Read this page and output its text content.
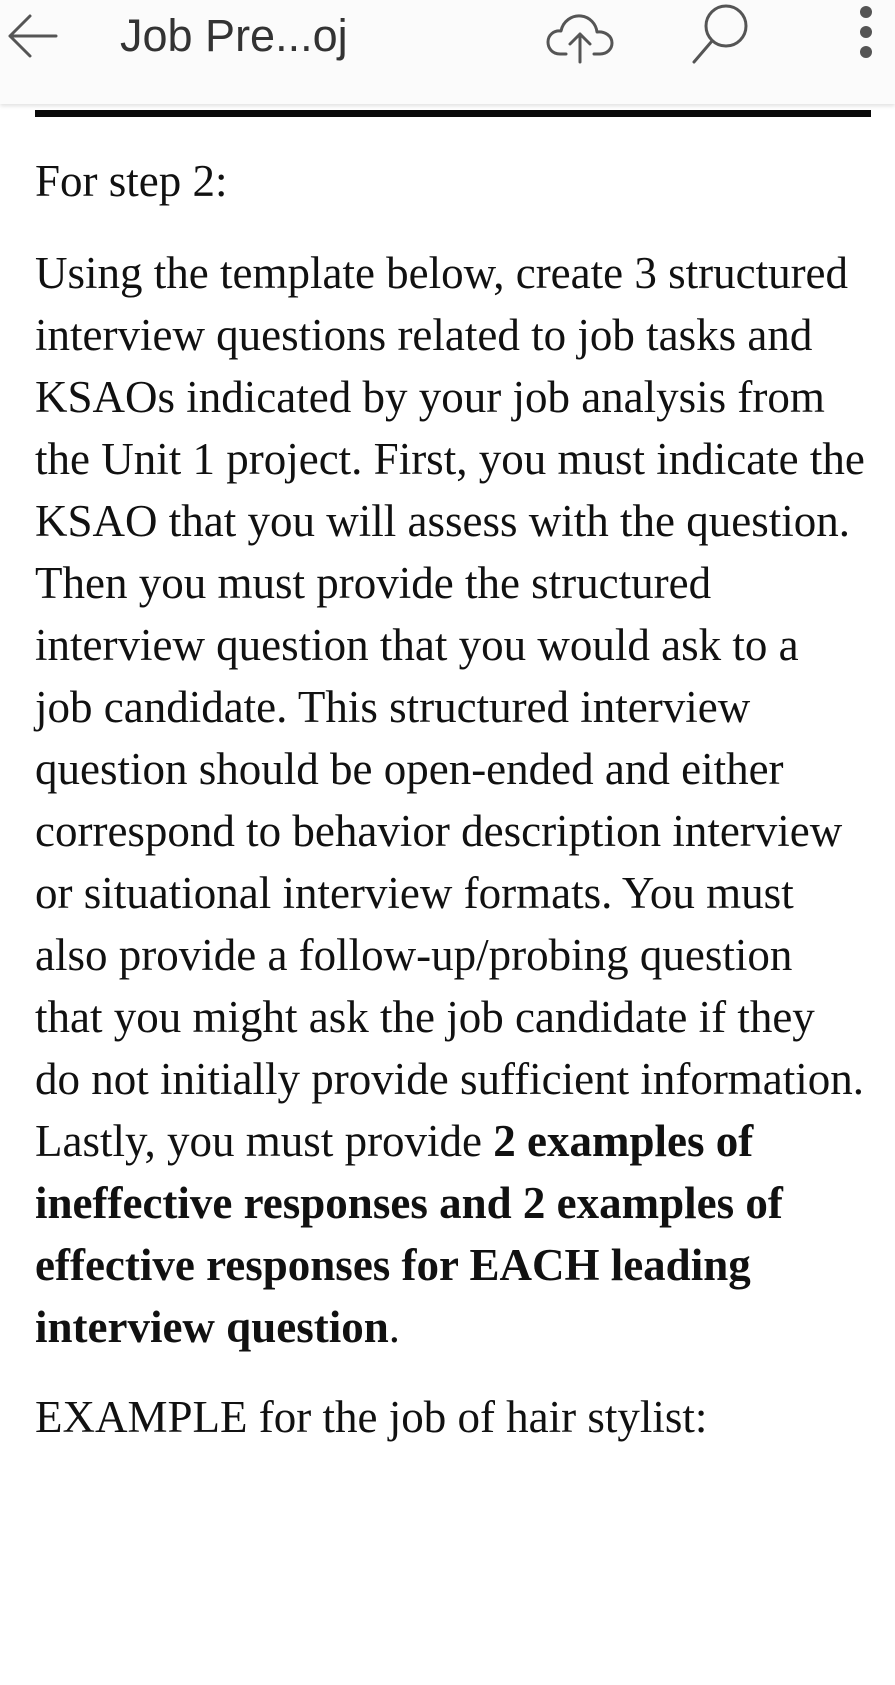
Job Pre...oj

For step 2:

Using the template below, create 3 structured interview questions related to job tasks and KSAOs indicated by your job analysis from the Unit 1 project. First, you must indicate the KSAO that you will assess with the question. Then you must provide the structured interview question that you would ask to a job candidate. This structured interview question should be open-ended and either correspond to behavior description interview or situational interview formats. You must also provide a follow-up/probing question that you might ask the job candidate if they do not initially provide sufficient information. Lastly, you must provide 2 examples of ineffective responses and 2 examples of effective responses for EACH leading interview question.

EXAMPLE for the job of hair stylist:
